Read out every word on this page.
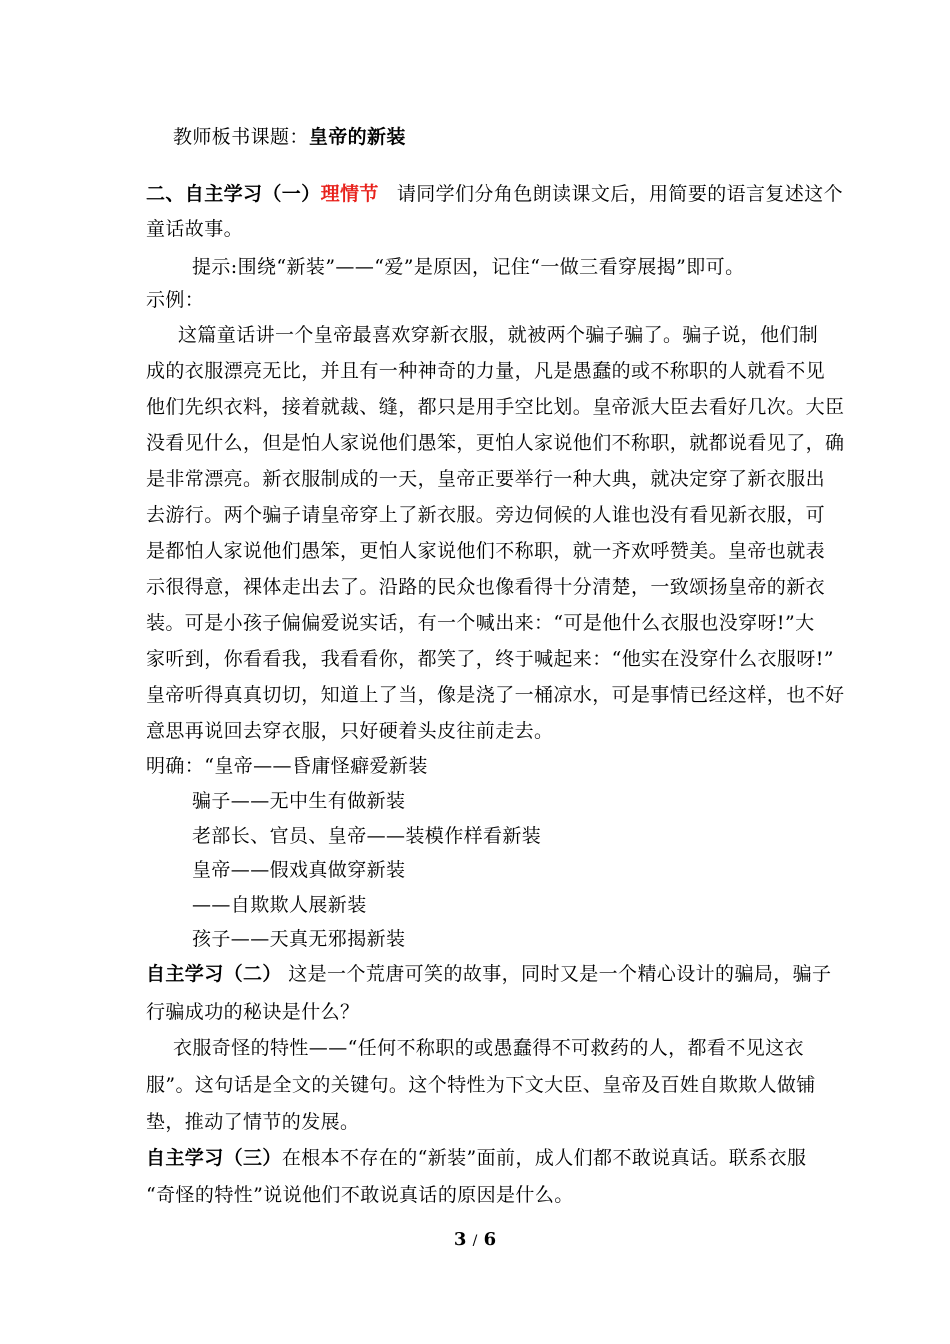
教师板书课题：皇帝的新装
二、自主学习（一）理情节 请同学们分角色朗读课文后，用简要的语言复述这个
童话故事。
提示:围绕“新装”——“爱”是原因，记住“一做三看穿展揭”即可。
示例：
这篇童话讲一个皇帝最喜欢穿新衣服，就被两个骗子骗了。骗子说，他们制
成的衣服漂亮无比，并且有一种神奇的力量，凡是愚蠢的或不称职的人就看不见
他们先织衣料，接着就裁、缝，都只是用手空比划。皇帝派大臣去看好几次。大臣
没看见什么，但是怕人家说他们愚笨，更怕人家说他们不称职，就都说看见了，确
是非常漂亮。新衣服制成的一天，皇帝正要举行一种大典，就决定穿了新衣服出
去游行。两个骗子请皇帝穿上了新衣服。旁边伺候的人谁也没有看见新衣服，可
是都怕人家说他们愚笨，更怕人家说他们不称职，就一齐欢呼赞美。皇帝也就表
示很得意，裸体走出去了。沿路的民众也像看得十分清楚，一致颂扬皇帝的新衣
装。可是小孩子偏偏爱说实话，有一个喊出来：“可是他什么衣服也没穿呀!”大
家听到，你看看我，我看看你，都笑了，终于喊起来：“他实在没穿什么衣服呀!”
皇帝听得真真切切，知道上了当，像是浇了一桶凉水，可是事情已经这样，也不好
意思再说回去穿衣服，只好硬着头皮往前走去。
明确：“皇帝——昏庸怪癖爱新装
骗子——无中生有做新装
老部长、官员、皇帝——装模作样看新装
皇帝——假戏真做穿新装
——自欺欺人展新装
孩子——天真无邪揭新装
自主学习（二） 这是一个荒唐可笑的故事，同时又是一个精心设计的骗局，骗子
行骗成功的秘诀是什么？
衣服奇怪的特性——“任何不称职的或愚蠢得不可救药的人，都看不见这衣
服”。这句话是全文的关键句。这个特性为下文大臣、皇帝及百姓自欺欺人做铺
垫，推动了情节的发展。
自主学习（三）在根本不存在的“新装”面前，成人们都不敢说真话。联系衣服
“奇怪的特性”说说他们不敢说真话的原因是什么。
3 / 6
